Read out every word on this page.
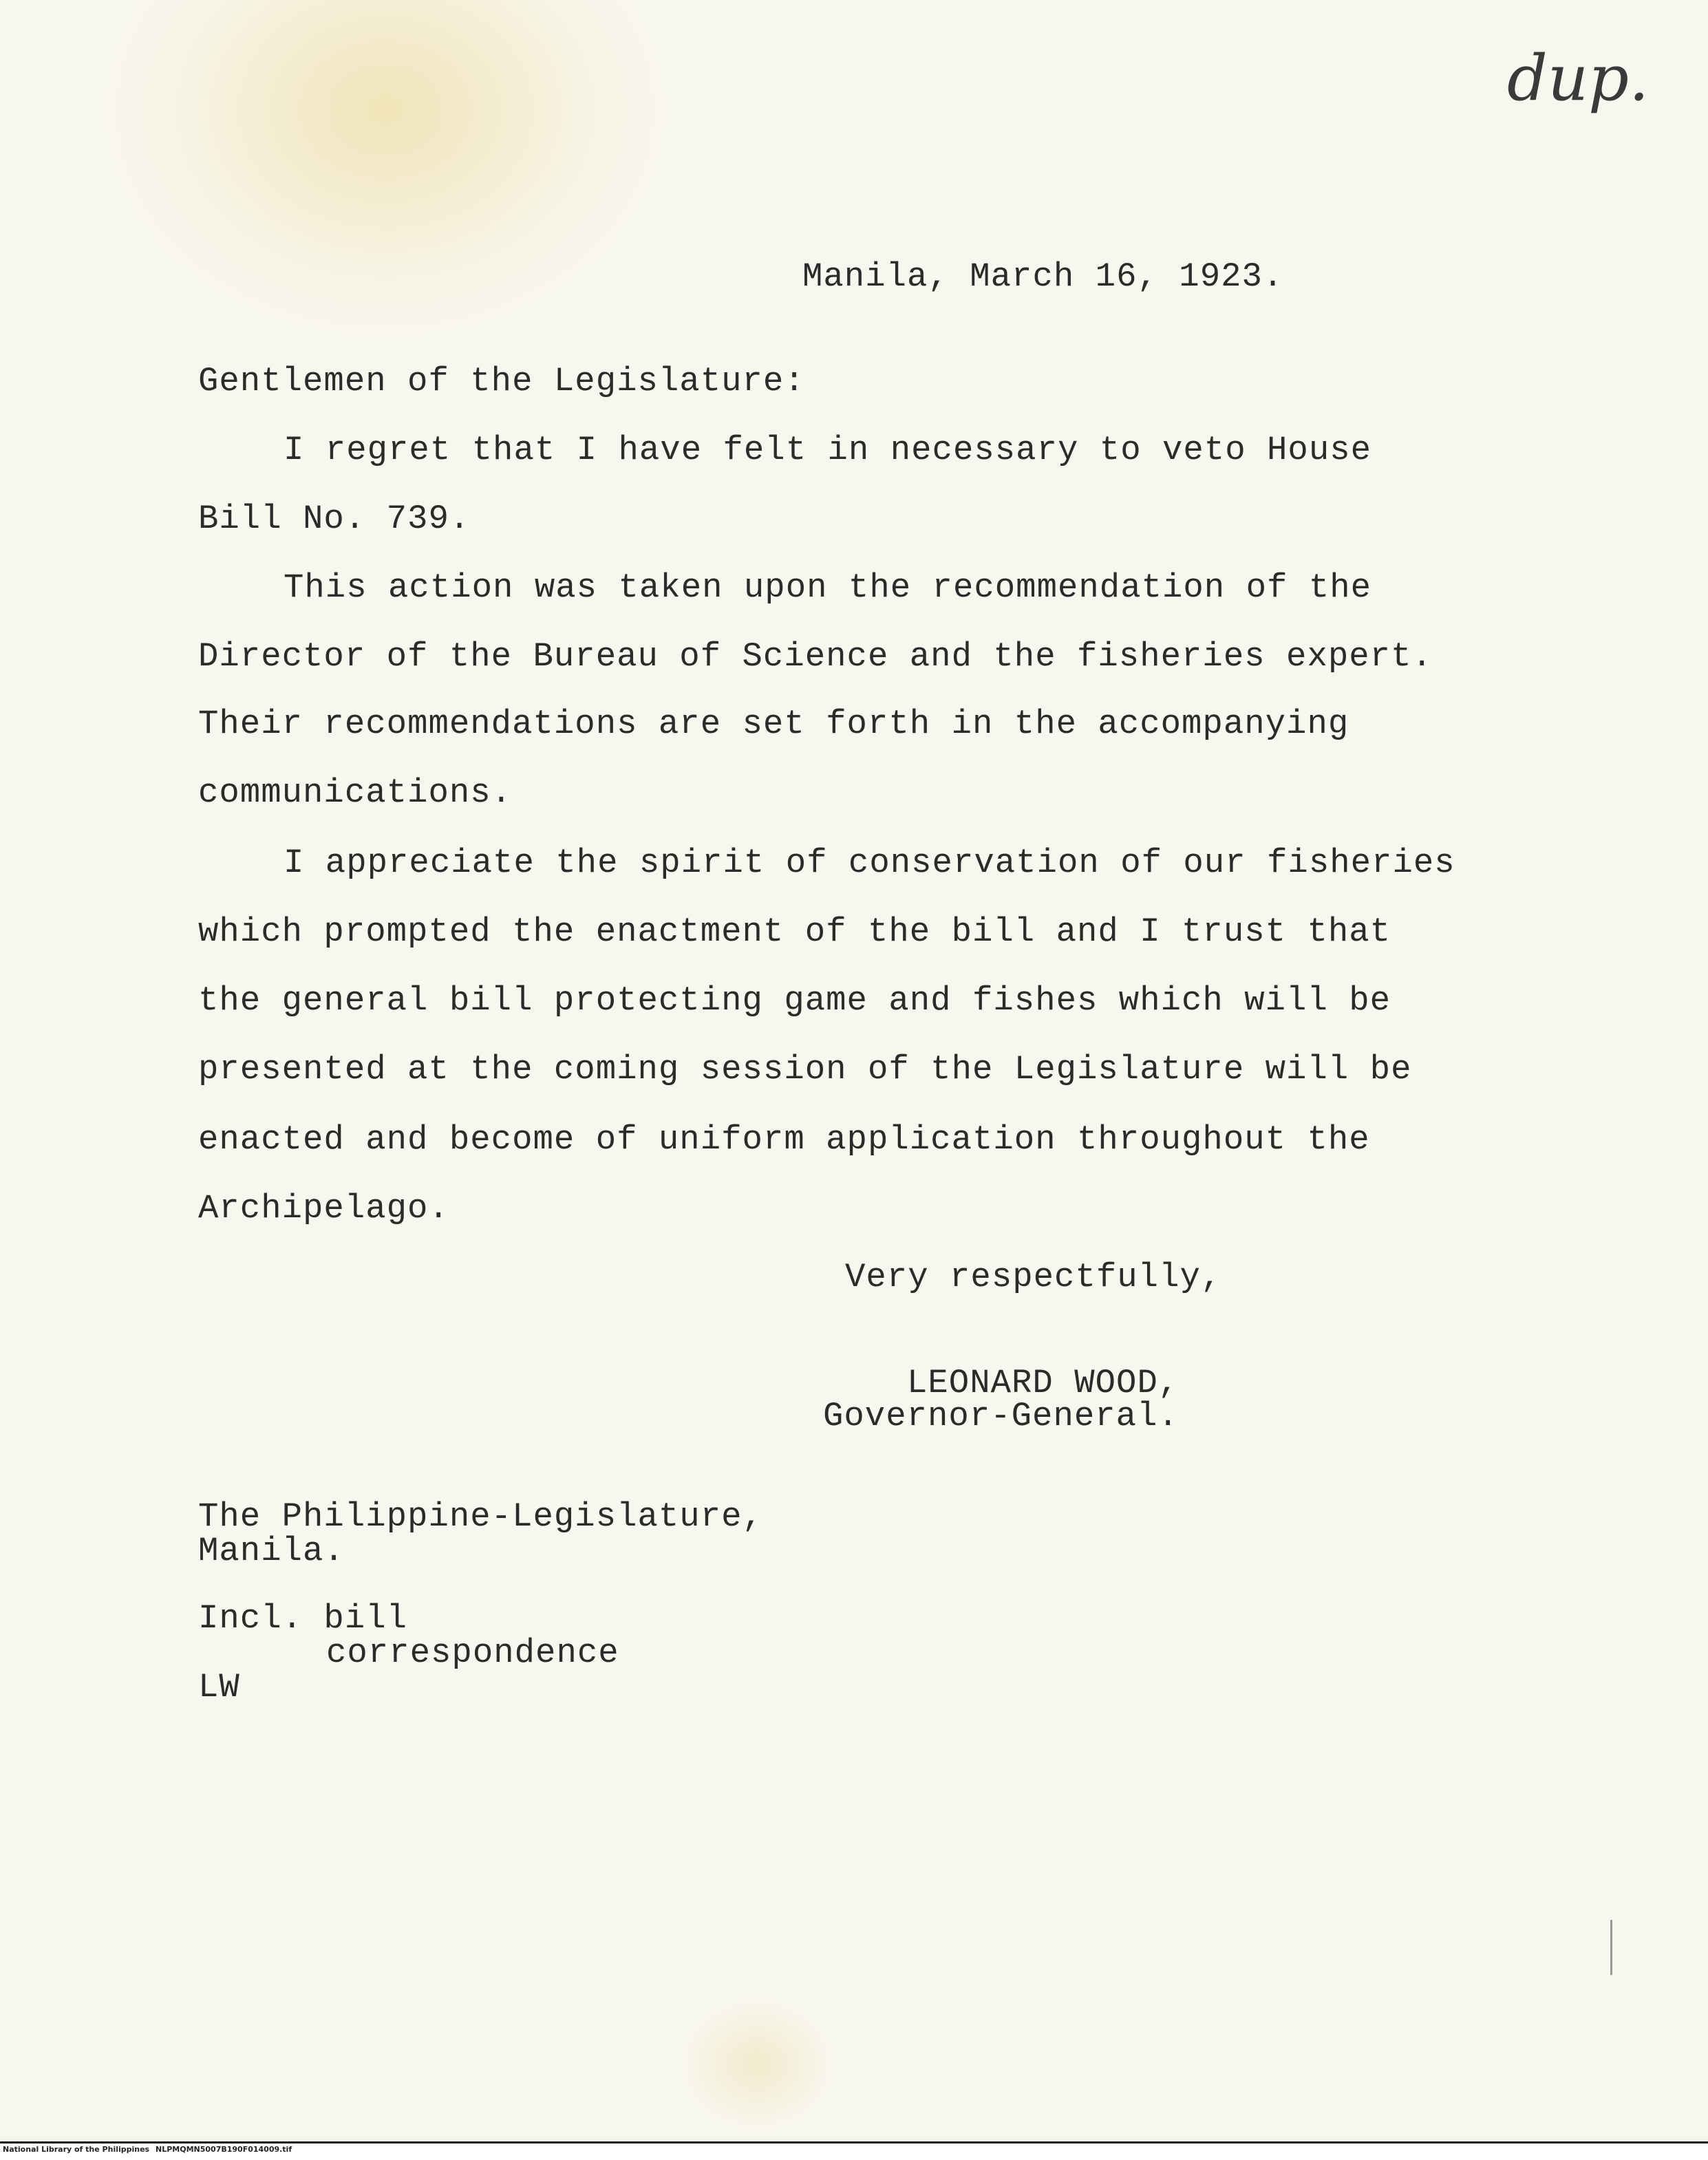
dup.
Manila, March 16, 1923.
Gentlemen of the Legislature:
I regret that I have felt in necessary to veto House
Bill No. 739.
This action was taken upon the recommendation of the
Director of the Bureau of Science and the fisheries expert.
Their recommendations are set forth in the accompanying
communications.
I appreciate the spirit of conservation of our fisheries
which prompted the enactment of the bill and I trust that
the general bill protecting game and fishes which will be
presented at the coming session of the Legislature will be
enacted and become of uniform application throughout the
Archipelago.
Very respectfully,
LEONARD WOOD,
Governor-General.
The Philippine-Legislature,
Manila.
Incl. bill
correspondence
LW
National Library of the Philippines NLPMQMN5007B190F014009.tif
